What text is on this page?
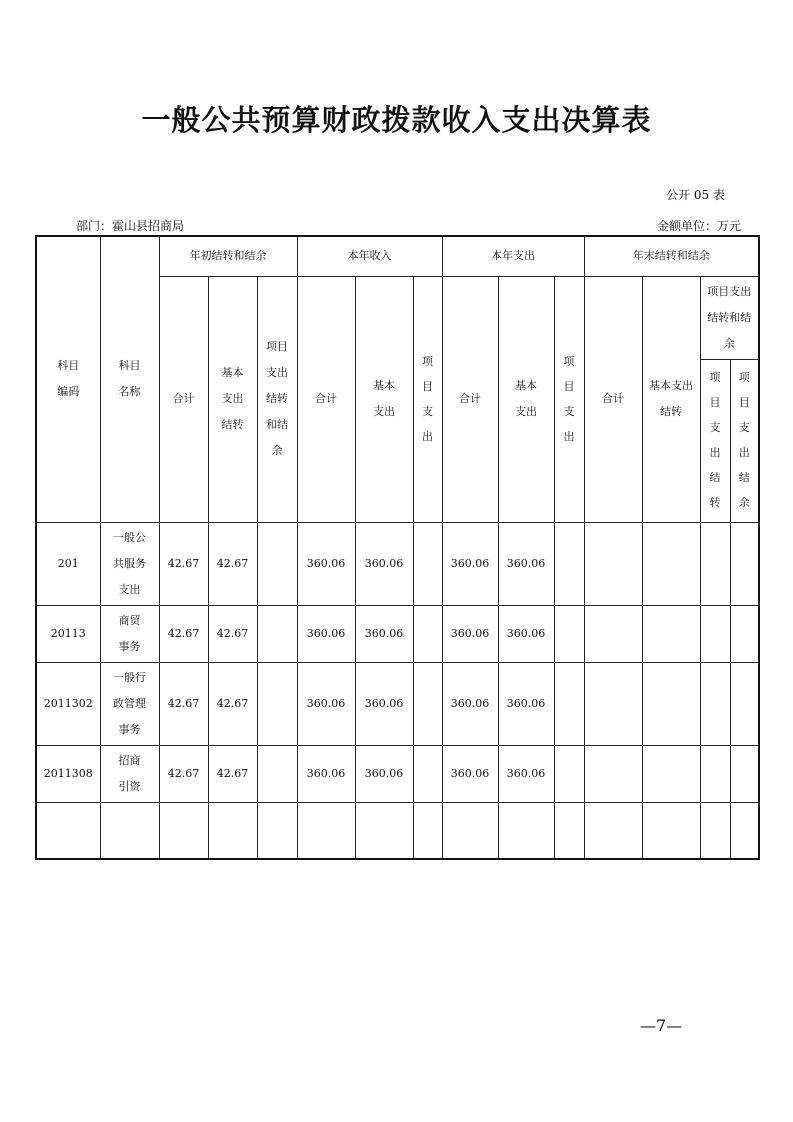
一般公共预算财政拨款收入支出决算表
公开 05 表
部门：霍山县招商局	金额单位：万元
科目编码	科目名称	年初结转和结余			本年收入			本年支出			年末结转和结余			
		合计	基本支出结转	项目支出结转和结余	合计	基本支出	项目支出	合计	基本支出	项目支出	合计	基本支出结转	项目支出结转和结余	
													项目支出结转	项目支出结余
201	一般公共服务支出	42.67	42.67		360.06	360.06		360.06	360.06					
20113	商贸事务	42.67	42.67		360.06	360.06		360.06	360.06					
2011302	一般行政管理事务	42.67	42.67		360.06	360.06		360.06	360.06					
2011308	招商引资	42.67	42.67		360.06	360.06		360.06	360.06					

—7—
